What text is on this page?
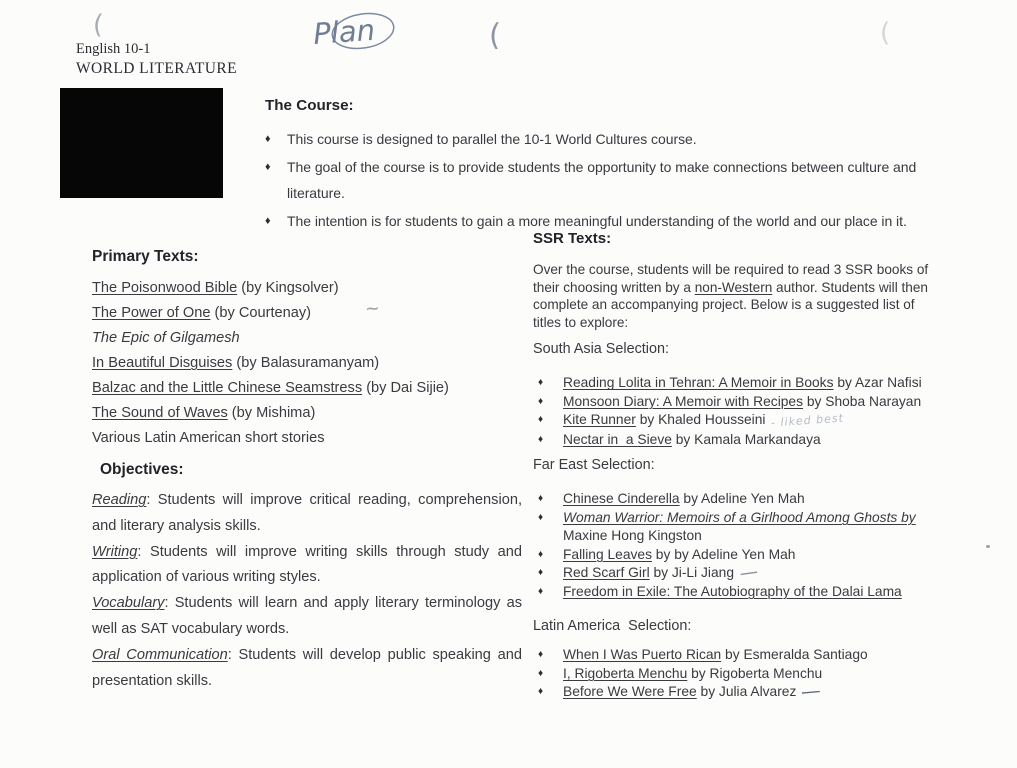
English 10-1
WORLD LITERATURE
(	Plan	(	(
~
The Course:
♦	This course is designed to parallel the 10-1 World Cultures course.
♦	The goal of the course is to provide students the opportunity to make connections between culture and literature.
♦	The intention is for students to gain a more meaningful understanding of the world and our place in it.
Primary Texts:
The Poisonwood Bible (by Kingsolver)
The Power of One (by Courtenay)
The Epic of Gilgamesh
In Beautiful Disguises (by Balasuramanyam)
Balzac and the Little Chinese Seamstress (by Dai Sijie)
The Sound of Waves (by Mishima)
Various Latin American short stories
Objectives:

Reading: Students will improve critical reading, comprehension, and literary analysis skills.

Writing: Students will improve writing skills through study and application of various writing styles.

Vocabulary: Students will learn and apply literary terminology as well as SAT vocabulary words.

Oral Communication: Students will develop public speaking and presentation skills.

SSR Texts:

Over the course, students will be required to read 3 SSR books of their choosing written by a non-Western author. Students will then complete an accompanying project. Below is a suggested list of titles to explore:

South Asia Selection:
♦	Reading Lolita in Tehran: A Memoir in Books by Azar Nafisi
♦	Monsoon Diary: A Memoir with Recipes by Shoba Narayan
♦	Kite Runner by Khaled Housseini - liked best
♦	Nectar in  a Sieve by Kamala Markandaya
Far East Selection:
♦	Chinese Cinderella by Adeline Yen Mah
♦	Woman Warrior: Memoirs of a Girlhood Among Ghosts by
Maxine Hong Kingston
♦	Falling Leaves by by Adeline Yen Mah
♦	Red Scarf Girl by Ji-Li Jiang —
♦	Freedom in Exile: The Autobiography of the Dalai Lama
Latin America  Selection:
♦	When I Was Puerto Rican by Esmeralda Santiago
♦	I, Rigoberta Menchu by Rigoberta Menchu
♦	Before We Were Free by Julia Alvarez —
